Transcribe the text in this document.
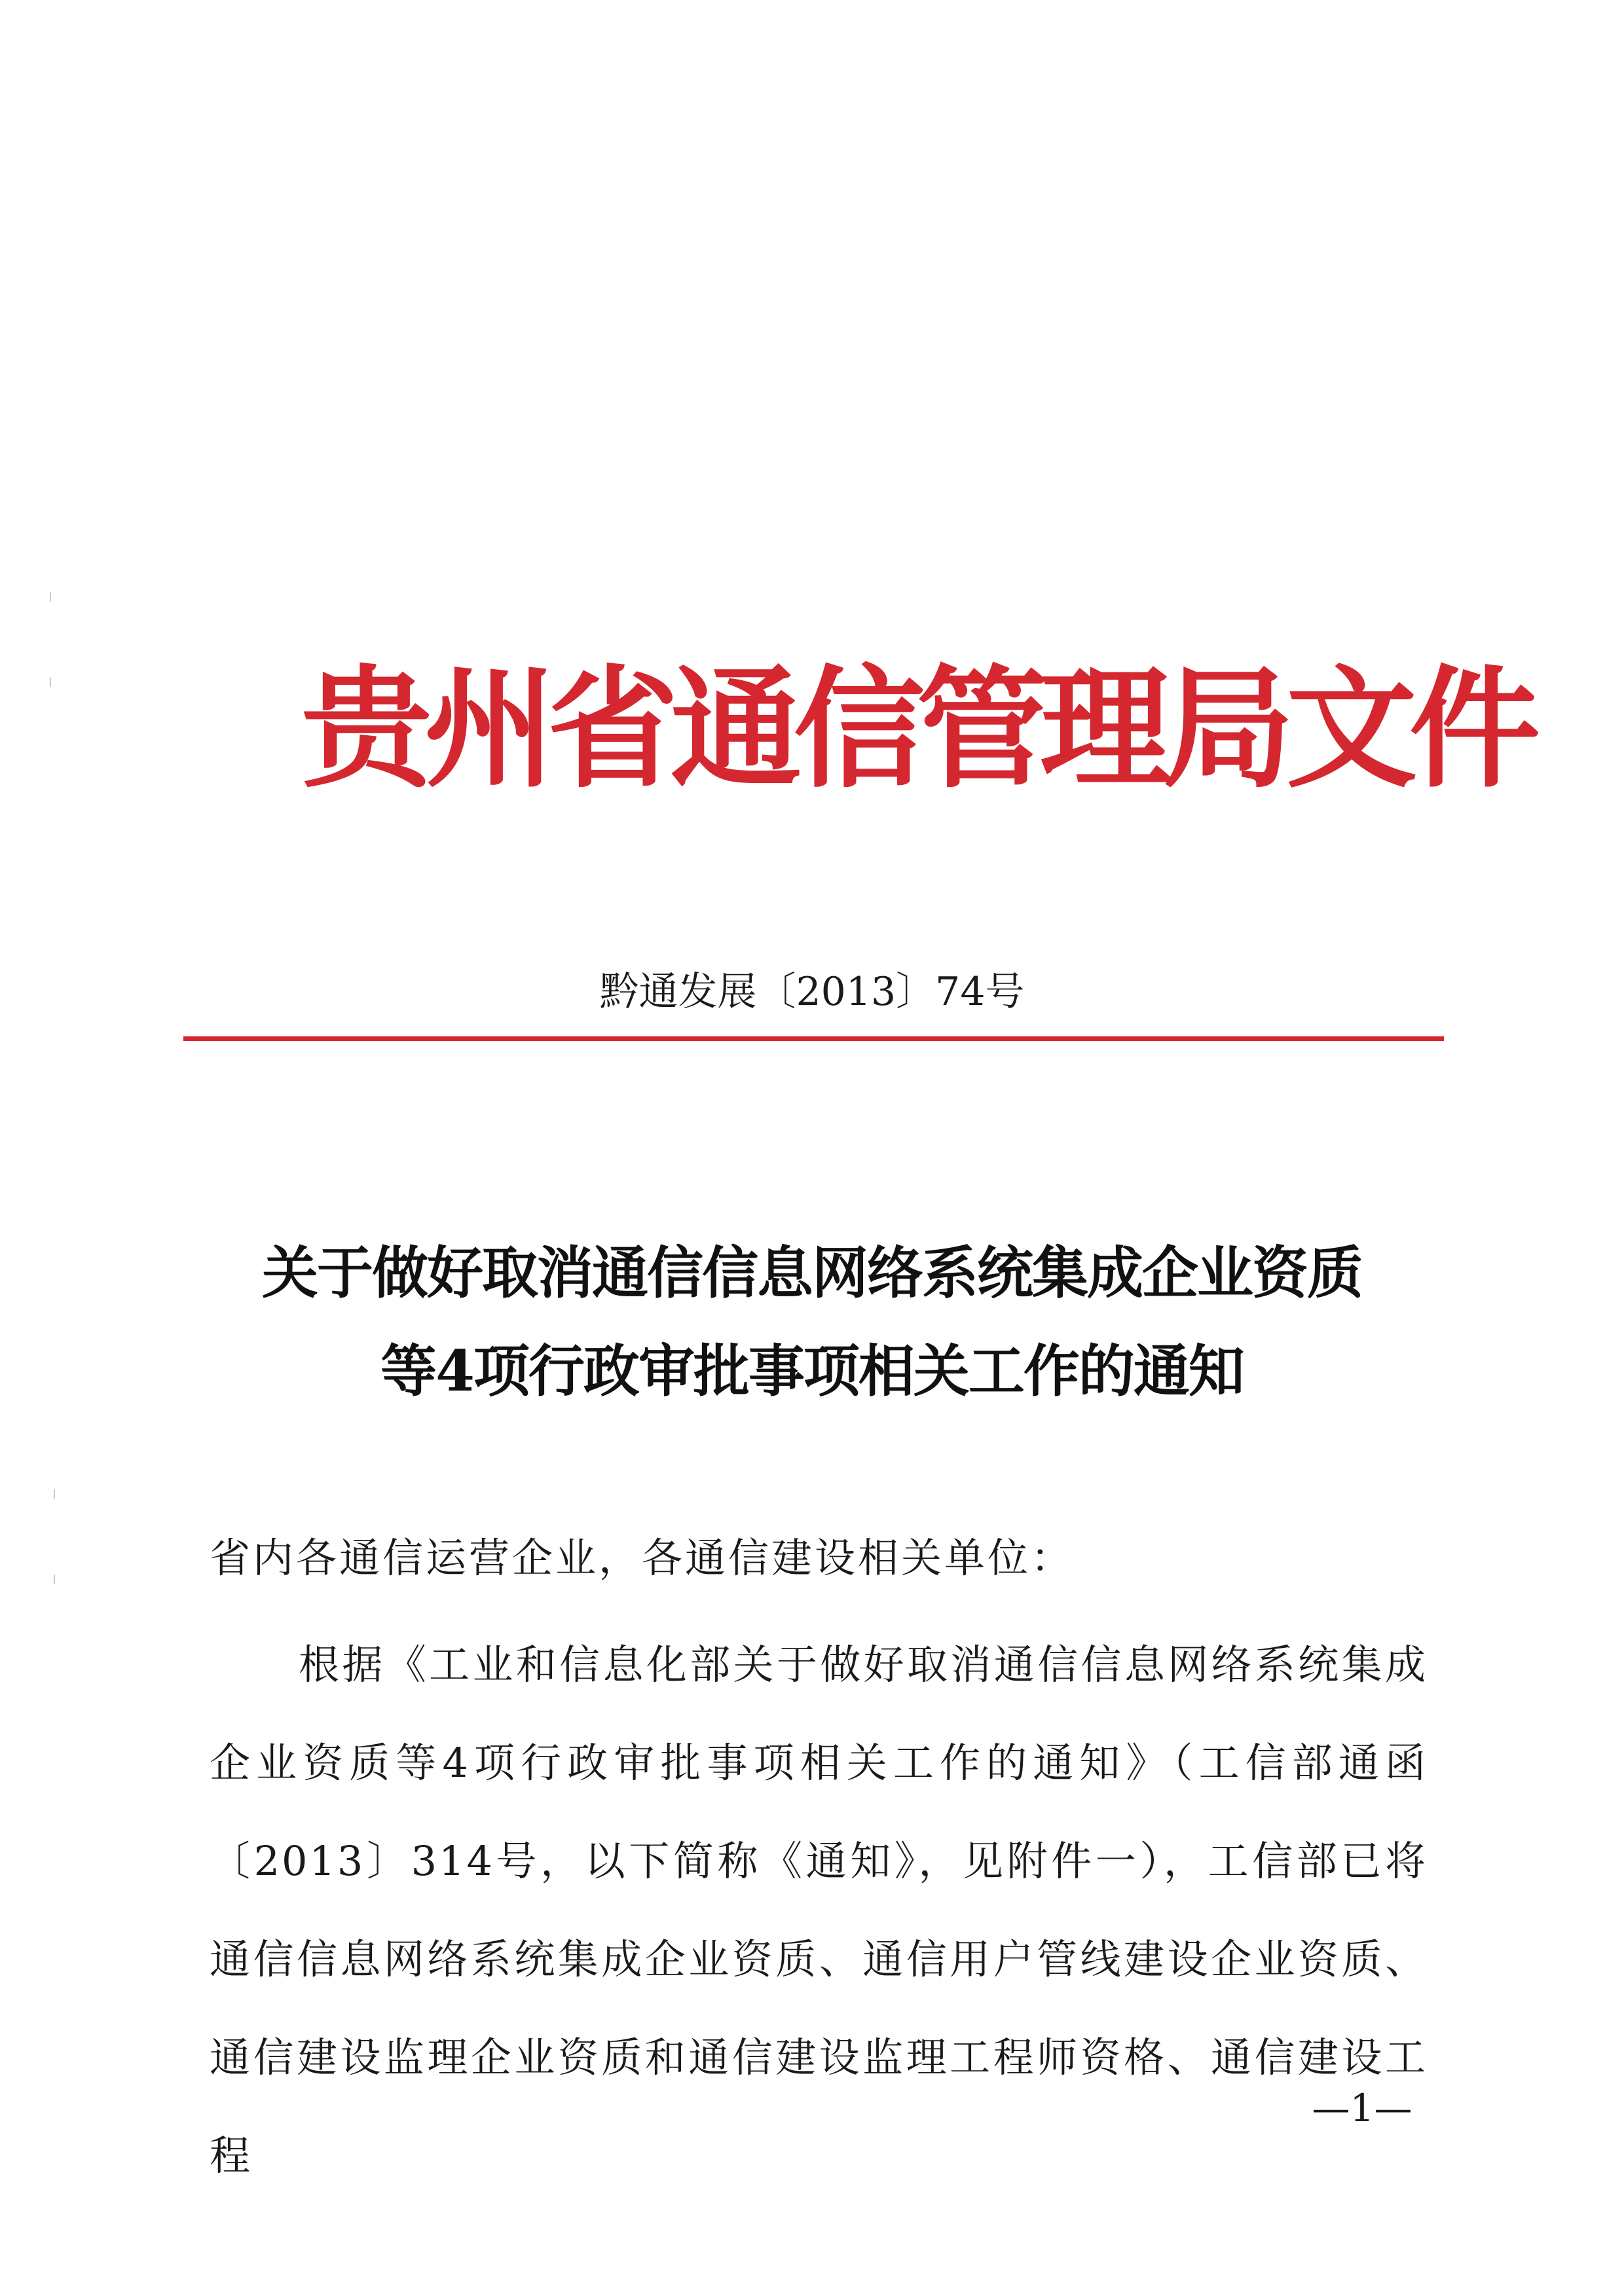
贵州省通信管理局文件
黔通发展〔2013〕74号
关于做好取消通信信息网络系统集成企业资质
等4项行政审批事项相关工作的通知
省内各通信运营企业，各通信建设相关单位：

根据《工业和信息化部关于做好取消通信信息网络系统集成企业资质等4项行政审批事项相关工作的通知》（工信部通函〔2013〕314号，以下简称《通知》，见附件一），工信部已将通信信息网络系统集成企业资质、通信用户管线建设企业资质、通信建设监理企业资质和通信建设监理工程师资格、通信建设工程

—1—
